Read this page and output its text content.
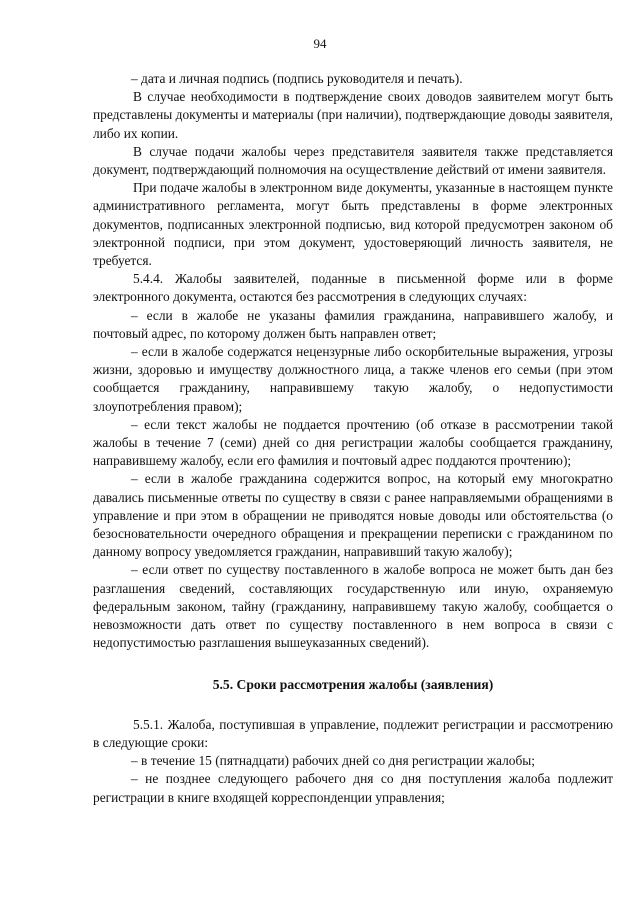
94

– дата и личная подпись (подпись руководителя и печать).

В случае необходимости в подтверждение своих доводов заявителем могут быть представлены документы и материалы (при наличии), подтверждающие доводы заявителя, либо их копии.

В случае подачи жалобы через представителя заявителя также представляется документ, подтверждающий полномочия на осуществление действий от имени заявителя.

При подаче жалобы в электронном виде документы, указанные в настоящем пункте административного регламента, могут быть представлены в форме электронных документов, подписанных электронной подписью, вид которой предусмотрен законом об электронной подписи, при этом документ, удостоверяющий личность заявителя, не требуется.

5.4.4. Жалобы заявителей, поданные в письменной форме или в форме электронного документа, остаются без рассмотрения в следующих случаях:

– если в жалобе не указаны фамилия гражданина, направившего жалобу, и почтовый адрес, по которому должен быть направлен ответ;

– если в жалобе содержатся нецензурные либо оскорбительные выражения, угрозы жизни, здоровью и имуществу должностного лица, а также членов его семьи (при этом сообщается гражданину, направившему такую жалобу, о недопустимости злоупотребления правом);

– если текст жалобы не поддается прочтению (об отказе в рассмотрении такой жалобы в течение 7 (семи) дней со дня регистрации жалобы сообщается гражданину, направившему жалобу, если его фамилия и почтовый адрес поддаются прочтению);

– если в жалобе гражданина содержится вопрос, на который ему многократно давались письменные ответы по существу в связи с ранее направляемыми обращениями в управление и при этом в обращении не приводятся новые доводы или обстоятельства (о безосновательности очередного обращения и прекращении переписки с гражданином по данному вопросу уведомляется гражданин, направивший такую жалобу);

– если ответ по существу поставленного в жалобе вопроса не может быть дан без разглашения сведений, составляющих государственную или иную, охраняемую федеральным законом, тайну (гражданину, направившему такую жалобу, сообщается о невозможности дать ответ по существу поставленного в нем вопроса в связи с недопустимостью разглашения вышеуказанных сведений).

5.5. Сроки рассмотрения жалобы (заявления)

5.5.1. Жалоба, поступившая в управление, подлежит регистрации и рассмотрению в следующие сроки:

– в течение 15 (пятнадцати) рабочих дней со дня регистрации жалобы;

– не позднее следующего рабочего дня со дня поступления жалоба подлежит регистрации в книге входящей корреспонденции управления;
